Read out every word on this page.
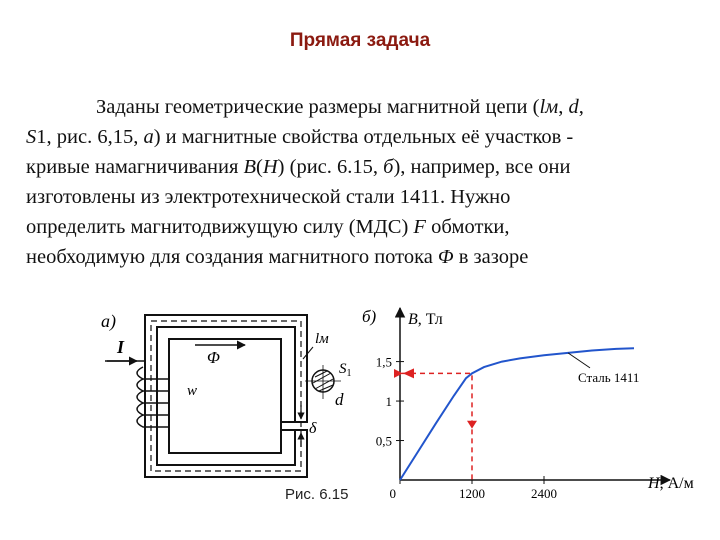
Прямая задача

Заданы геометрические размеры магнитной цепи (lм, d,

S1, рис. 6,15, а) и магнитные свойства отдельных её участков -

кривые намагничивания B(H) (рис. 6.15, б), например, все они

изготовлены из электротехнической стали 1411. Нужно

определить магнитодвижущую силу (МДС) F обмотки,

необходимую для создания магнитного потока Φ в зазоре

а)
Φ
I
w
lм
$S_1$
d
δ
б) B, Тл
H, А/м
0,5
1
1,5
0	1200	2400
Сталь 1411
Рис. 6.15
